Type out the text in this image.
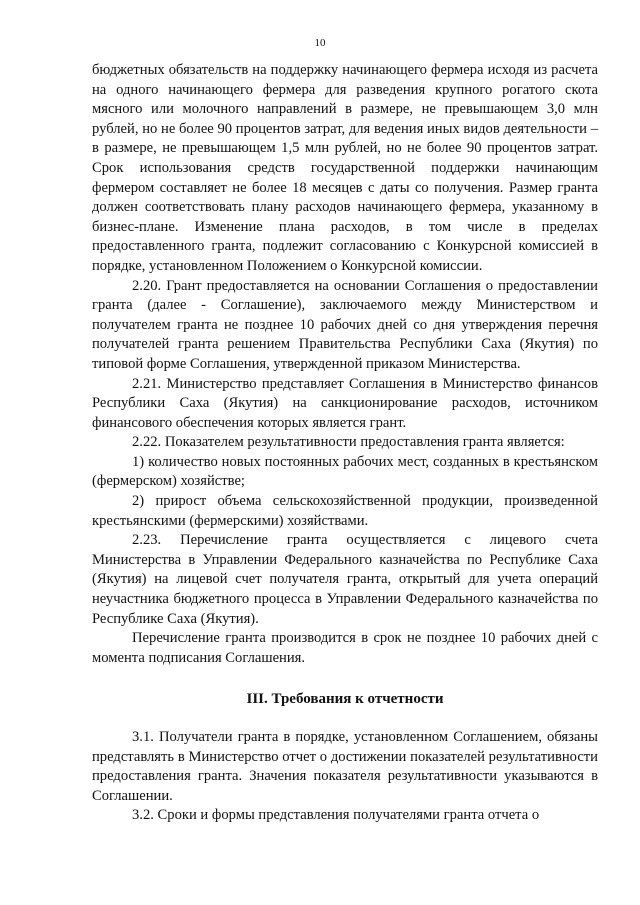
10

бюджетных обязательств на поддержку начинающего фермера исходя из расчета на одного начинающего фермера для разведения крупного рогатого скота мясного или молочного направлений в размере, не превышающем 3,0 млн рублей, но не более 90 процентов затрат, для ведения иных видов деятельности – в размере, не превышающем 1,5 млн рублей, но не более 90 процентов затрат. Срок использования средств государственной поддержки начинающим фермером составляет не более 18 месяцев с даты со получения. Размер гранта должен соответствовать плану расходов начинающего фермера, указанному в бизнес-плане. Изменение плана расходов, в том числе в пределах предоставленного гранта, подлежит согласованию с Конкурсной комиссией в порядке, установленном Положением о Конкурсной комиссии.

2.20. Грант предоставляется на основании Соглашения о предоставлении гранта (далее - Соглашение), заключаемого между Министерством и получателем гранта не позднее 10 рабочих дней со дня утверждения перечня получателей гранта решением Правительства Республики Саха (Якутия) по типовой форме Соглашения, утвержденной приказом Министерства.

2.21. Министерство представляет Соглашения в Министерство финансов Республики Саха (Якутия) на санкционирование расходов, источником финансового обеспечения которых является грант.

2.22. Показателем результативности предоставления гранта является:

1) количество новых постоянных рабочих мест, созданных в крестьянском (фермерском) хозяйстве;

2) прирост объема сельскохозяйственной продукции, произведенной крестьянскими (фермерскими) хозяйствами.

2.23. Перечисление гранта осуществляется с лицевого счета Министерства в Управлении Федерального казначейства по Республике Саха (Якутия) на лицевой счет получателя гранта, открытый для учета операций неучастника бюджетного процесса в Управлении Федерального казначейства по Республике Саха (Якутия).

Перечисление гранта производится в срок не позднее 10 рабочих дней с момента подписания Соглашения.

III. Требования к отчетности

3.1. Получатели гранта в порядке, установленном Соглашением, обязаны представлять в Министерство отчет о достижении показателей результативности предоставления гранта. Значения показателя результативности указываются в Соглашении.

3.2. Сроки и формы представления получателями гранта отчета о
